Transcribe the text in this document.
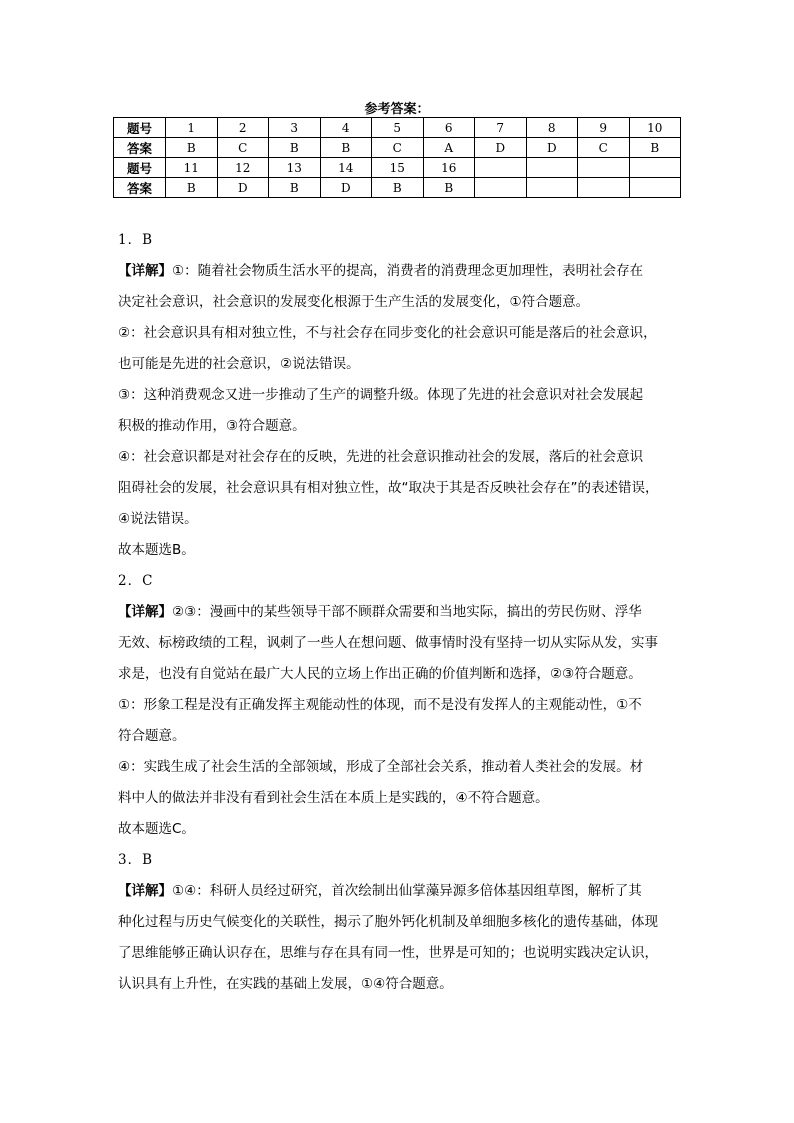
参考答案：
题号	1	2	3	4	5	6	7	8	9	10
答案	B	C	B	B	C	A	D	D	C	B
题号	11	12	13	14	15	16				
答案	B	D	B	D	B	B				

1．B

【详解】①：随着社会物质生活水平的提高，消费者的消费理念更加理性，表明社会存在

决定社会意识，社会意识的发展变化根源于生产生活的发展变化，①符合题意。

②：社会意识具有相对独立性，不与社会存在同步变化的社会意识可能是落后的社会意识，

也可能是先进的社会意识，②说法错误。

③：这种消费观念又进一步推动了生产的调整升级。体现了先进的社会意识对社会发展起

积极的推动作用，③符合题意。

④：社会意识都是对社会存在的反映，先进的社会意识推动社会的发展，落后的社会意识

阻碍社会的发展，社会意识具有相对独立性，故“取决于其是否反映社会存在”的表述错误，

④说法错误。

故本题选B。

2．C

【详解】②③：漫画中的某些领导干部不顾群众需要和当地实际，搞出的劳民伤财、浮华

无效、标榜政绩的工程，讽刺了一些人在想问题、做事情时没有坚持一切从实际从发，实事

求是，也没有自觉站在最广大人民的立场上作出正确的价值判断和选择，②③符合题意。

①：形象工程是没有正确发挥主观能动性的体现，而不是没有发挥人的主观能动性，①不

符合题意。

④：实践生成了社会生活的全部领域，形成了全部社会关系，推动着人类社会的发展。材

料中人的做法并非没有看到社会生活在本质上是实践的，④不符合题意。

故本题选C。

3．B

【详解】①④：科研人员经过研究，首次绘制出仙掌藻异源多倍体基因组草图，解析了其

种化过程与历史气候变化的关联性，揭示了胞外钙化机制及单细胞多核化的遗传基础，体现

了思维能够正确认识存在，思维与存在具有同一性，世界是可知的；也说明实践决定认识，

认识具有上升性，在实践的基础上发展，①④符合题意。
